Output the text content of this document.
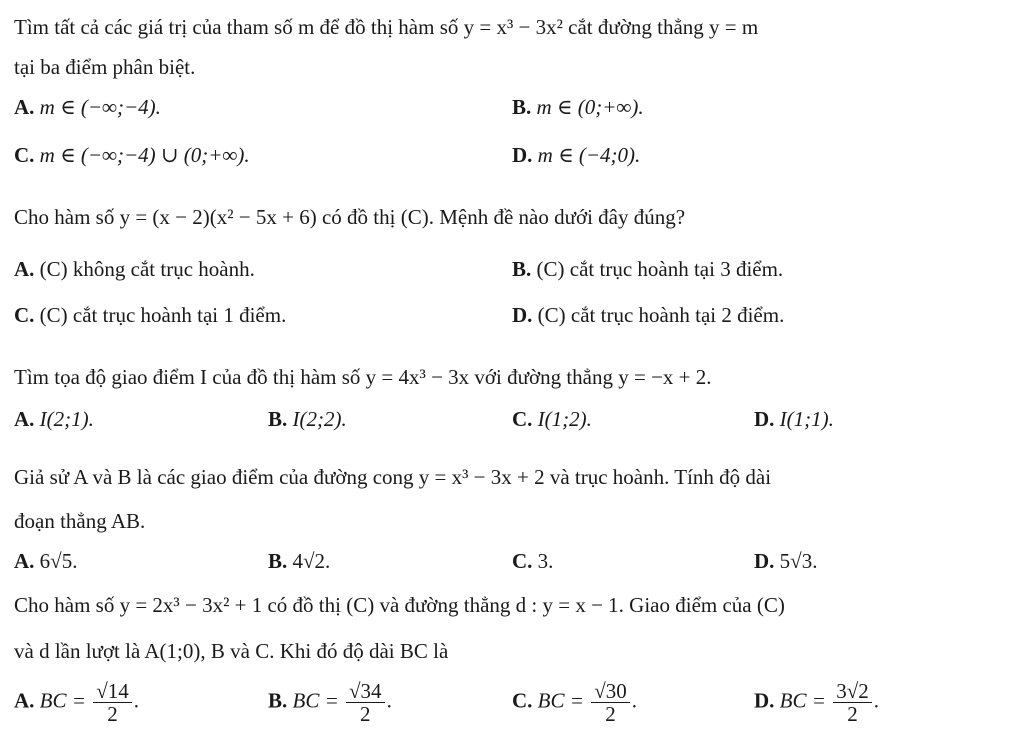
Tìm tất cả các giá trị của tham số m để đồ thị hàm số y = x³ − 3x² cắt đường thẳng y = m
tại ba điểm phân biệt.
A. m ∈ (−∞;−4).	B. m ∈ (0;+∞).
C. m ∈ (−∞;−4) ∪ (0;+∞).	D. m ∈ (−4;0).
Cho hàm số y = (x − 2)(x² − 5x + 6) có đồ thị (C). Mệnh đề nào dưới đây đúng?
A. (C) không cắt trục hoành.	B. (C) cắt trục hoành tại 3 điểm.
C. (C) cắt trục hoành tại 1 điểm.	D. (C) cắt trục hoành tại 2 điểm.
Tìm tọa độ giao điểm I của đồ thị hàm số y = 4x³ − 3x với đường thẳng y = −x + 2.
A. I(2;1).	B. I(2;2).	C. I(1;2).	D. I(1;1).
Giả sử A và B là các giao điểm của đường cong y = x³ − 3x + 2 và trục hoành. Tính độ dài
đoạn thẳng AB.
A. 6√5.	B. 4√2.	C. 3.	D. 5√3.
Cho hàm số y = 2x³ − 3x² + 1 có đồ thị (C) và đường thẳng d : y = x − 1. Giao điểm của (C)
và d lần lượt là A(1;0), B và C. Khi đó độ dài BC là
A. BC = $\frac{√14}{2}$ .	B. BC = $\frac{√34}{2}$ .	C. BC = $\frac{√30}{2}$ .	D. BC = $\frac{3√2}{2}$ .
